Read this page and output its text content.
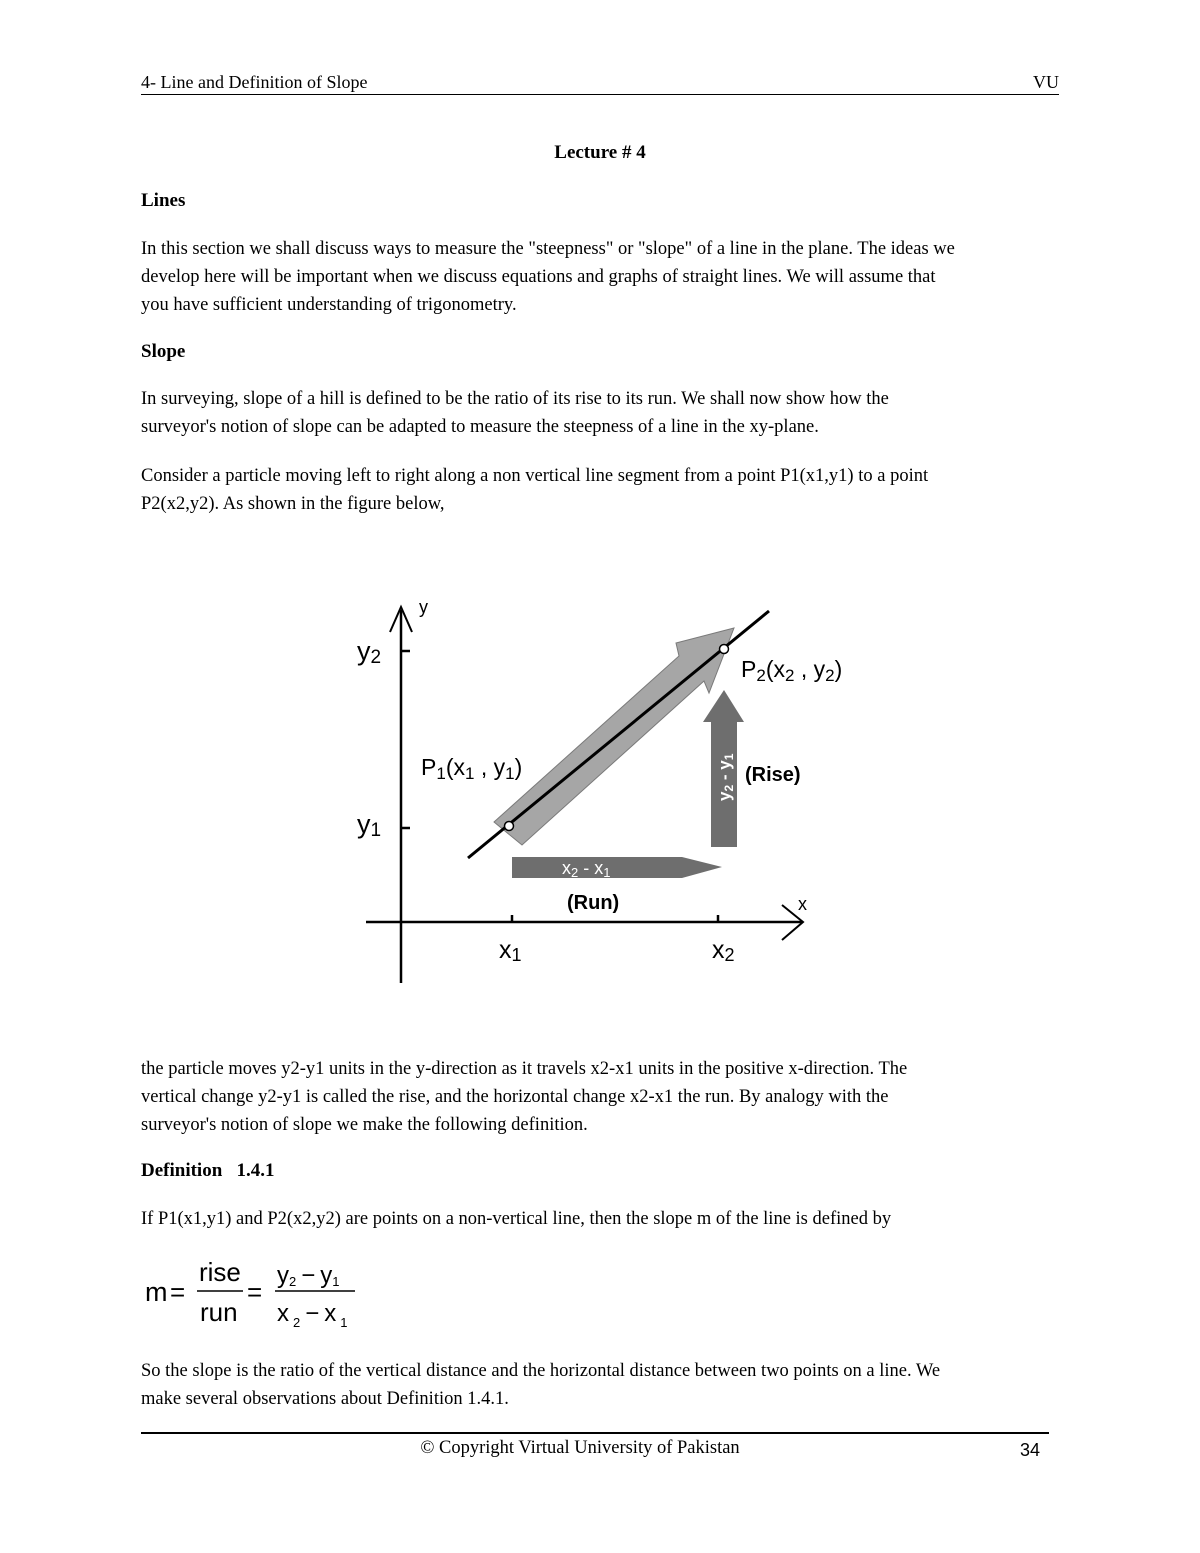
4- Line and Definition of Slope	VU
Lecture # 4
Lines

In this section we shall discuss ways to measure the "steepness" or "slope" of a line in the plane. The ideas we

develop here will be important when we discuss equations and graphs of straight lines. We will assume that

you have sufficient understanding of trigonometry.

Slope

In surveying, slope of a hill is defined to be the ratio of its rise to its run. We shall now show how the

surveyor's notion of slope can be adapted to measure the steepness of a line in the xy-plane.

Consider a particle moving left to right along a non vertical line segment from a point P1(x1,y1) to a point

P2(x2,y2). As shown in the figure below,

y
x
y2
y1
x1	x2
P1(x1 , y1)
P2(x2 , y2)
x2 - x1
(Run)
y2 - y1
(Rise)

the particle moves y2-y1 units in the y-direction as it travels x2-x1 units in the positive x-direction. The

vertical change y2-y1 is called the rise, and the horizontal change x2-x1 the run. By analogy with the

surveyor's notion of slope we make the following definition.

Definition   1.4.1
If P1(x1,y1) and P2(x2,y2) are points on a non-vertical line, then the slope m of the line is defined by
m =
rise
run
=
y2 − y1
x $_2$ − x $_1$

So the slope is the ratio of the vertical distance and the horizontal distance between two points on a line. We

make several observations about Definition 1.4.1.

© Copyright Virtual University of Pakistan	34
